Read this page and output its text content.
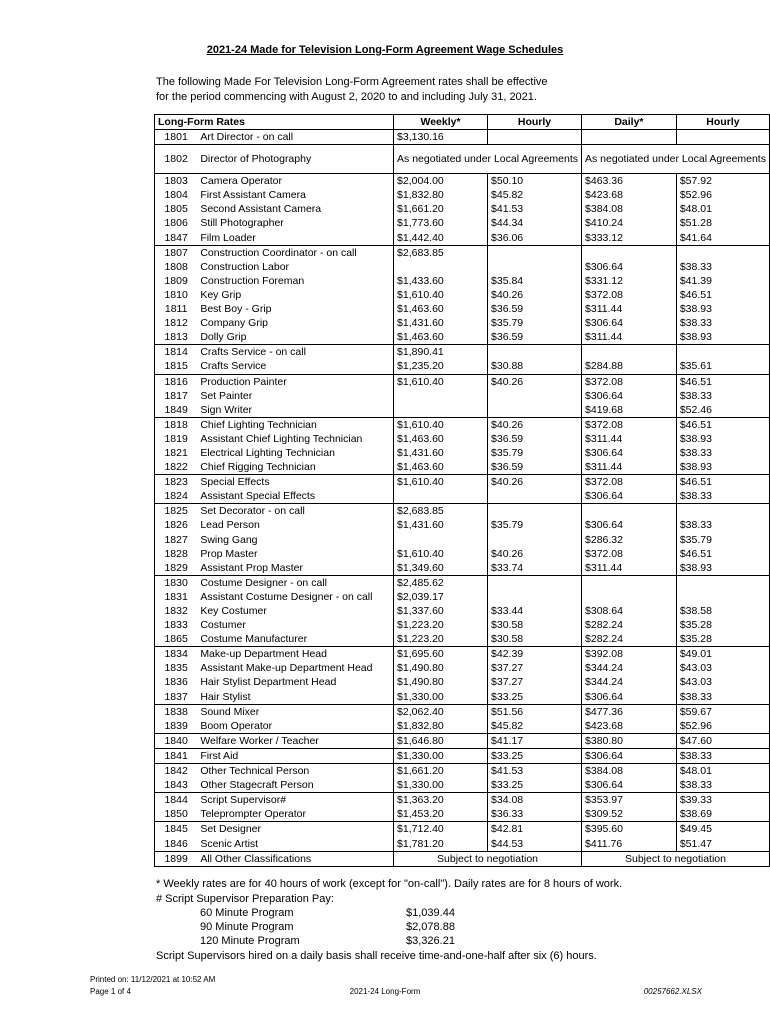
2021-24 Made for Television Long-Form Agreement Wage Schedules
The following Made For Television Long-Form Agreement rates shall be effective
for the period commencing with August 2, 2020 to and including July 31, 2021.
Long-Form Rates		Weekly*	Hourly	Daily*	Hourly
1801	Art Director - on call	$3,130.16			
1802	Director of Photography	As negotiated under Local Agreements		As negotiated under Local Agreements	
1803	Camera Operator	$2,004.00	$50.10	$463.36	$57.92
1804	First Assistant Camera	$1,832.80	$45.82	$423.68	$52.96
1805	Second Assistant Camera	$1,661.20	$41.53	$384.08	$48.01
1806	Still Photographer	$1,773.60	$44.34	$410.24	$51.28
1847	Film Loader	$1,442.40	$36.06	$333.12	$41.64
1807	Construction Coordinator - on call	$2,683.85			
1808	Construction Labor			$306.64	$38.33
1809	Construction Foreman	$1,433.60	$35.84	$331.12	$41.39
1810	Key Grip	$1,610.40	$40.26	$372.08	$46.51
1811	Best Boy - Grip	$1,463.60	$36.59	$311.44	$38.93
1812	Company Grip	$1,431.60	$35.79	$306.64	$38.33
1813	Dolly Grip	$1,463.60	$36.59	$311.44	$38.93
1814	Crafts Service - on call	$1,890.41			
1815	Crafts Service	$1,235.20	$30.88	$284.88	$35.61
1816	Production Painter	$1,610.40	$40.26	$372.08	$46.51
1817	Set Painter			$306.64	$38.33
1849	Sign Writer			$419.68	$52.46
1818	Chief Lighting Technician	$1,610.40	$40.26	$372.08	$46.51
1819	Assistant Chief Lighting Technician	$1,463.60	$36.59	$311.44	$38.93
1821	Electrical Lighting Technician	$1,431.60	$35.79	$306.64	$38.33
1822	Chief Rigging Technician	$1,463.60	$36.59	$311.44	$38.93
1823	Special Effects	$1,610.40	$40.26	$372.08	$46.51
1824	Assistant Special Effects			$306.64	$38.33
1825	Set Decorator - on call	$2,683.85			
1826	Lead Person	$1,431.60	$35.79	$306.64	$38.33
1827	Swing Gang			$286.32	$35.79
1828	Prop Master	$1,610.40	$40.26	$372.08	$46.51
1829	Assistant Prop Master	$1,349.60	$33.74	$311.44	$38.93
1830	Costume Designer - on call	$2,485.62			
1831	Assistant Costume Designer - on call	$2,039.17			
1832	Key Costumer	$1,337.60	$33.44	$308.64	$38.58
1833	Costumer	$1,223.20	$30.58	$282.24	$35.28
1865	Costume Manufacturer	$1,223.20	$30.58	$282.24	$35.28
1834	Make-up Department Head	$1,695.60	$42.39	$392.08	$49.01
1835	Assistant Make-up Department Head	$1,490.80	$37.27	$344.24	$43.03
1836	Hair Stylist Department Head	$1,490.80	$37.27	$344.24	$43.03
1837	Hair Stylist	$1,330.00	$33.25	$306.64	$38.33
1838	Sound Mixer	$2,062.40	$51.56	$477.36	$59.67
1839	Boom Operator	$1,832.80	$45.82	$423.68	$52.96
1840	Welfare Worker / Teacher	$1,646.80	$41.17	$380.80	$47.60
1841	First Aid	$1,330.00	$33.25	$306.64	$38.33
1842	Other Technical Person	$1,661.20	$41.53	$384.08	$48.01
1843	Other Stagecraft Person	$1,330.00	$33.25	$306.64	$38.33
1844	Script Supervisor#	$1,363.20	$34.08	$353.97	$39.33
1850	Teleprompter Operator	$1,453.20	$36.33	$309.52	$38.69
1845	Set Designer	$1,712.40	$42.81	$395.60	$49.45
1846	Scenic Artist	$1,781.20	$44.53	$411.76	$51.47
1899	All Other Classifications	Subject to negotiation		Subject to negotiation	
* Weekly rates are for 40 hours of work (except for "on-call"). Daily rates are for 8 hours of work.
# Script Supervisor Preparation Pay:
60 Minute Program	$1,039.44
90 Minute Program	$2,078.88
120 Minute Program	$3,326.21
Script Supervisors hired on a daily basis shall receive time-and-one-half after six (6) hours.
Printed on: 11/12/2021 at 10:52 AM
Page 1 of 4	2021-24 Long-Form	00257662.XLSX
